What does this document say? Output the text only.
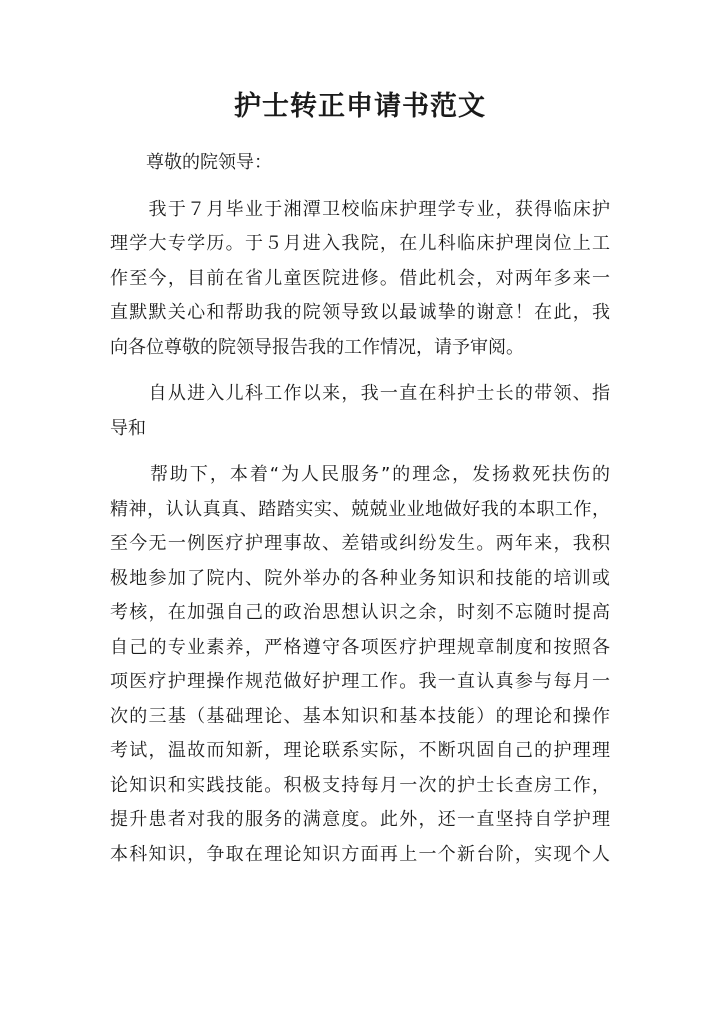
护士转正申请书范文
尊敬的院领导：
　　我于７月毕业于湘潭卫校临床护理学专业，获得临床护
理学大专学历。于５月进入我院，在儿科临床护理岗位上工
作至今，目前在省儿童医院进修。借此机会，对两年多来一
直默默关心和帮助我的院领导致以最诚挚的谢意！在此，我
向各位尊敬的院领导报告我的工作情况，请予审阅。
　　自从进入儿科工作以来，我一直在科护士长的带领、指
导和
　　帮助下，本着“为人民服务”的理念，发扬救死扶伤的
精神，认认真真、踏踏实实、兢兢业业地做好我的本职工作，
至今无一例医疗护理事故、差错或纠纷发生。两年来，我积
极地参加了院内、院外举办的各种业务知识和技能的培训或
考核，在加强自己的政治思想认识之余，时刻不忘随时提高
自己的专业素养，严格遵守各项医疗护理规章制度和按照各
项医疗护理操作规范做好护理工作。我一直认真参与每月一
次的三基（基础理论、基本知识和基本技能）的理论和操作
考试，温故而知新，理论联系实际，不断巩固自己的护理理
论知识和实践技能。积极支持每月一次的护士长查房工作，
提升患者对我的服务的满意度。此外，还一直坚持自学护理
本科知识，争取在理论知识方面再上一个新台阶，实现个人
